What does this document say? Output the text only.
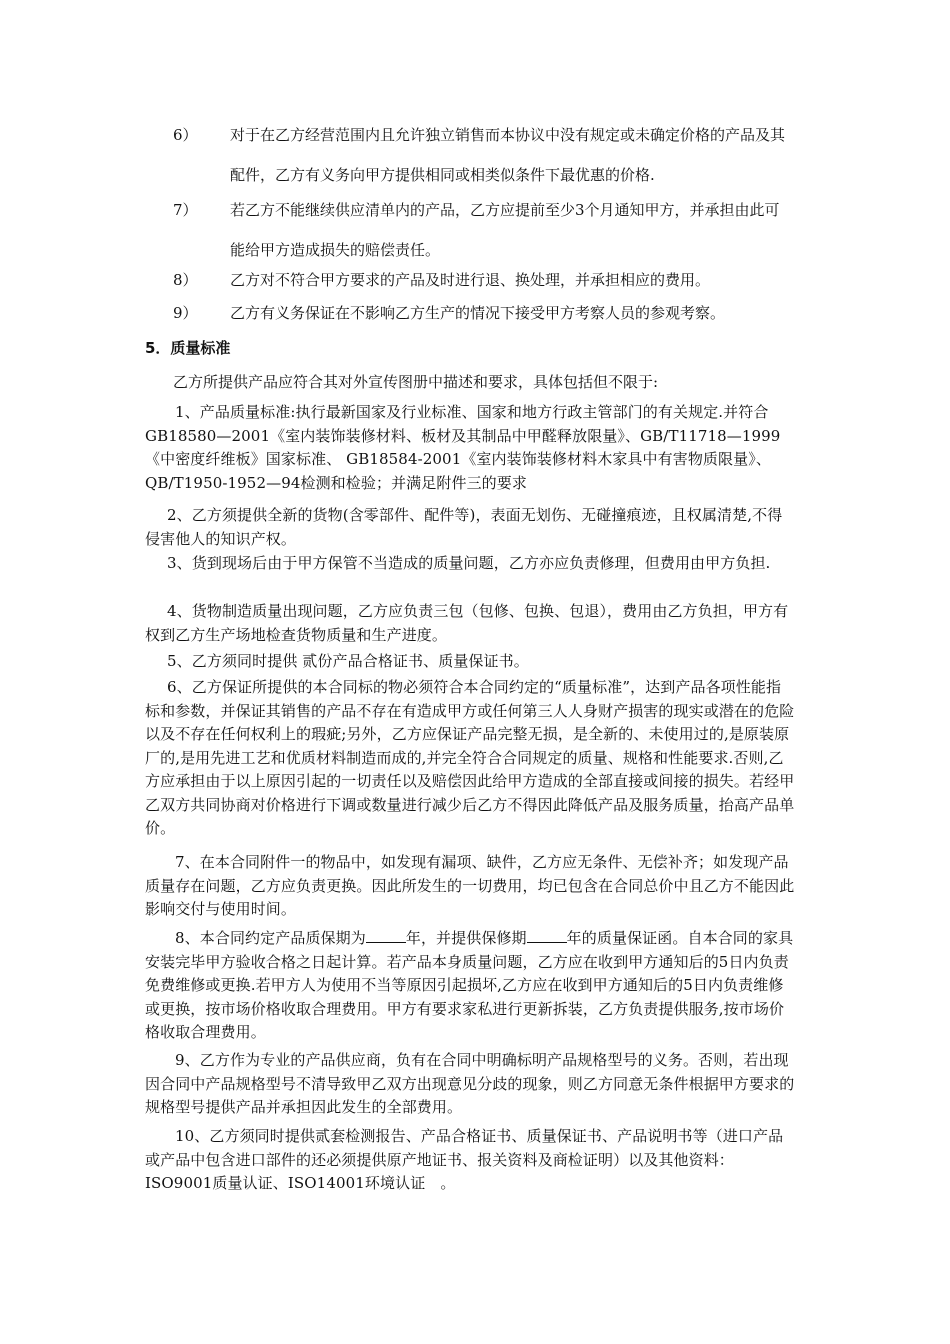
6）	对于在乙方经营范围内且允许独立销售而本协议中没有规定或未确定价格的产品及其配件，乙方有义务向甲方提供相同或相类似条件下最优惠的价格.
7）	若乙方不能继续供应清单内的产品，乙方应提前至少3个月通知甲方，并承担由此可能给甲方造成损失的赔偿责任。
8）	乙方对不符合甲方要求的产品及时进行退、换处理，并承担相应的费用。
9）	乙方有义务保证在不影响乙方生产的情况下接受甲方考察人员的参观考察。
5．质量标准
乙方所提供产品应符合其对外宣传图册中描述和要求，具体包括但不限于:
1、产品质量标准:执行最新国家及行业标准、国家和地方行政主管部门的有关规定.并符合GB18580—2001《室内装饰装修材料、板材及其制品中甲醛释放限量》、GB/T11718—1999《中密度纤维板》国家标准、 GB18584-2001《室内装饰装修材料木家具中有害物质限量》、QB/T1950-1952—94检测和检验；并满足附件三的要求
2、乙方须提供全新的货物(含零部件、配件等)，表面无划伤、无碰撞痕迹，且权属清楚,不得侵害他人的知识产权。
3、货到现场后由于甲方保管不当造成的质量问题，乙方亦应负责修理，但费用由甲方负担.
4、货物制造质量出现问题，乙方应负责三包（包修、包换、包退），费用由乙方负担，甲方有权到乙方生产场地检查货物质量和生产进度。
5、乙方须同时提供 贰份产品合格证书、质量保证书。
6、乙方保证所提供的本合同标的物必须符合本合同约定的“质量标准”，达到产品各项性能指标和参数，并保证其销售的产品不存在有造成甲方或任何第三人人身财产损害的现实或潜在的危险以及不存在任何权利上的瑕疵;另外，乙方应保证产品完整无损，是全新的、未使用过的,是原装原厂的,是用先进工艺和优质材料制造而成的,并完全符合合同规定的质量、规格和性能要求.否则,乙方应承担由于以上原因引起的一切责任以及赔偿因此给甲方造成的全部直接或间接的损失。若经甲乙双方共同协商对价格进行下调或数量进行减少后乙方不得因此降低产品及服务质量，抬高产品单价。
7、在本合同附件一的物品中，如发现有漏项、缺件，乙方应无条件、无偿补齐；如发现产品质量存在问题，乙方应负责更换。因此所发生的一切费用，均已包含在合同总价中且乙方不能因此影响交付与使用时间。
8、本合同约定产品质保期为	年，并提供保修期	年的质量保证函。自本合同的家具安装完毕甲方验收合格之日起计算。若产品本身质量问题，乙方应在收到甲方通知后的5日内负责免费维修或更换.若甲方人为使用不当等原因引起损坏,乙方应在收到甲方通知后的5日内负责维修或更换，按市场价格收取合理费用。甲方有要求家私进行更新拆装，乙方负责提供服务,按市场价格收取合理费用。
9、乙方作为专业的产品供应商，负有在合同中明确标明产品规格型号的义务。否则，若出现因合同中产品规格型号不清导致甲乙双方出现意见分歧的现象，则乙方同意无条件根据甲方要求的规格型号提供产品并承担因此发生的全部费用。
10、乙方须同时提供贰套检测报告、产品合格证书、质量保证书、产品说明书等（进口产品或产品中包含进口部件的还必须提供原产地证书、报关资料及商检证明）以及其他资料： ISO9001质量认证、ISO14001环境认证　。
